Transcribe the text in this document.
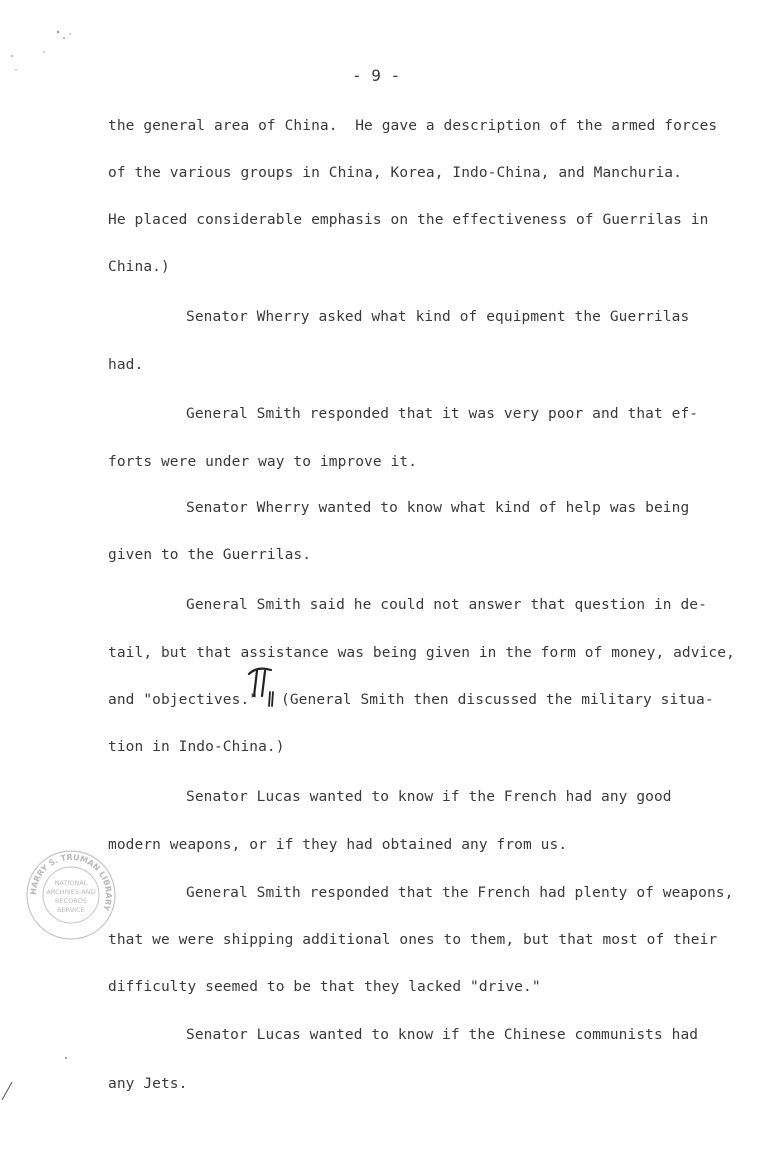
- 9 -
the general area of China.  He gave a description of the armed forces
of the various groups in China, Korea, Indo-China, and Manchuria.
He placed considerable emphasis on the effectiveness of Guerrilas in
China.)
Senator Wherry asked what kind of equipment the Guerrilas
had.
General Smith responded that it was very poor and that ef-
forts were under way to improve it.
Senator Wherry wanted to know what kind of help was being
given to the Guerrilas.
General Smith said he could not answer that question in de-
tail, but that assistance was being given in the form of money, advice,
and "objectives." (General Smith then discussed the military situa-
tion in Indo-China.)
Senator Lucas wanted to know if the French had any good
modern weapons, or if they had obtained any from us.
General Smith responded that the French had plenty of weapons,
that we were shipping additional ones to them, but that most of their
difficulty seemed to be that they lacked "drive."
Senator Lucas wanted to know if the Chinese communists had
any Jets.
HARRY S. TRUMAN LIBRARY
NATIONAL
ARCHIVES AND
RECORDS
SERVICE
